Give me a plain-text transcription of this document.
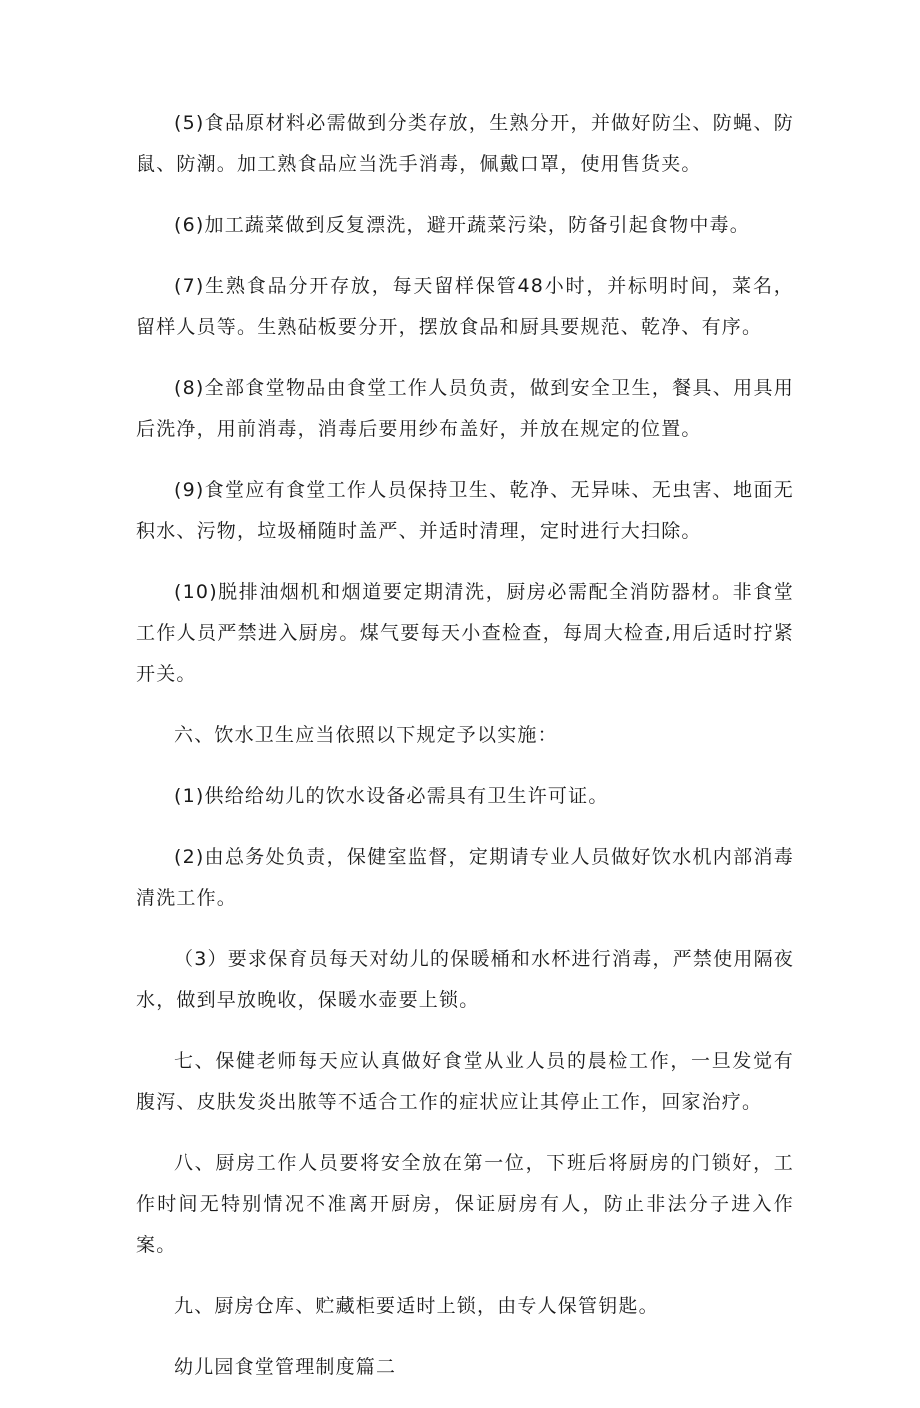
(5)食品原材料必需做到分类存放，生熟分开，并做好防尘、防蝇、防鼠、防潮。加工熟食品应当洗手消毒，佩戴口罩，使用售货夹。

(6)加工蔬菜做到反复漂洗，避开蔬菜污染，防备引起食物中毒。

(7)生熟食品分开存放，每天留样保管48小时，并标明时间，菜名，留样人员等。生熟砧板要分开，摆放食品和厨具要规范、乾净、有序。

(8)全部食堂物品由食堂工作人员负责，做到安全卫生，餐具、用具用后洗净，用前消毒，消毒后要用纱布盖好，并放在规定的位置。

(9)食堂应有食堂工作人员保持卫生、乾净、无异味、无虫害、地面无积水、污物，垃圾桶随时盖严、并适时清理，定时进行大扫除。

(10)脱排油烟机和烟道要定期清洗，厨房必需配全消防器材。非食堂工作人员严禁进入厨房。煤气要每天小查检查，每周大检查,用后适时拧紧开关。

六、饮水卫生应当依照以下规定予以实施：

(1)供给给幼儿的饮水设备必需具有卫生许可证。

(2)由总务处负责，保健室监督，定期请专业人员做好饮水机内部消毒清洗工作。

（3）要求保育员每天对幼儿的保暖桶和水杯进行消毒，严禁使用隔夜水，做到早放晚收，保暖水壶要上锁。

七、保健老师每天应认真做好食堂从业人员的晨检工作，一旦发觉有腹泻、皮肤发炎出脓等不适合工作的症状应让其停止工作，回家治疗。

八、厨房工作人员要将安全放在第一位，下班后将厨房的门锁好，工作时间无特别情况不准离开厨房，保证厨房有人，防止非法分子进入作案。

九、厨房仓库、贮藏柜要适时上锁，由专人保管钥匙。

幼儿园食堂管理制度篇二
